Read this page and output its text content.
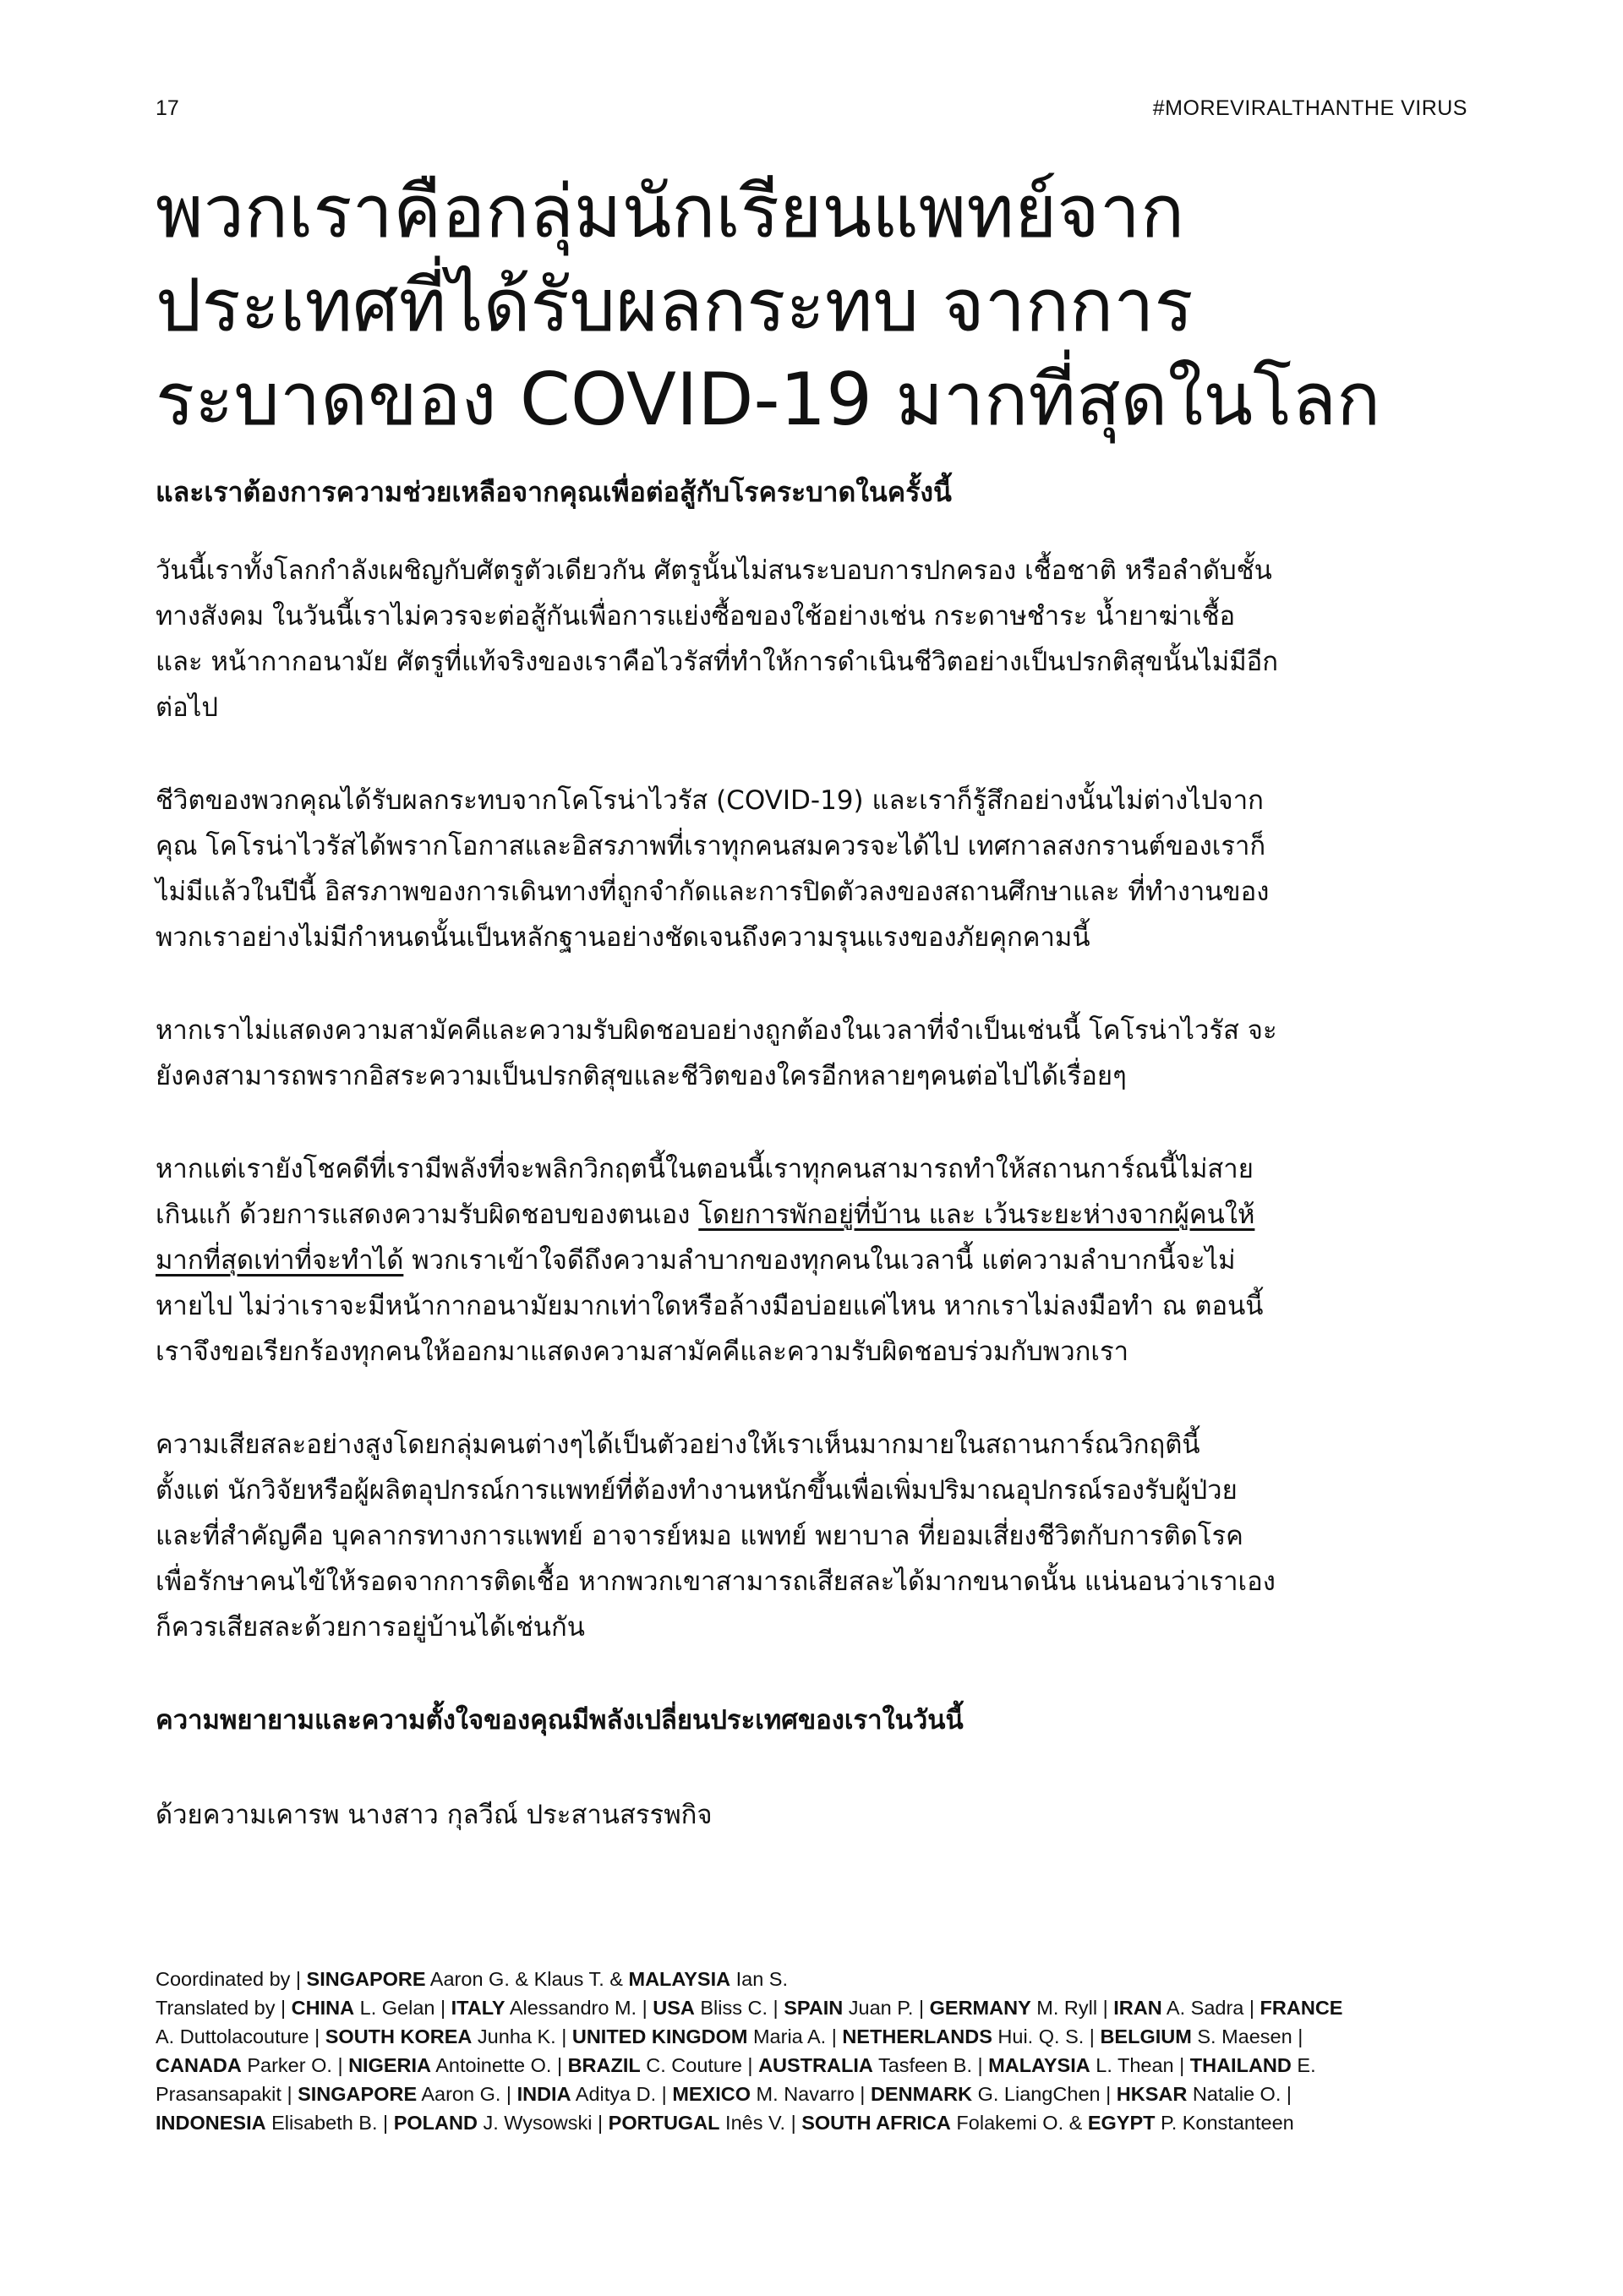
17	#MOREVIRALTHANTHE VIRUS
พวกเราคือกลุ่มนักเรียนแพทย์จาก
ประเทศที่ได้รับผลกระทบ จากการ
ระบาดของ COVID-19 มากที่สุดในโลก

และเราต้องการความช่วยเหลือจากคุณเพื่อต่อสู้กับโรคระบาดในครั้งนี้

วันนี้เราทั้งโลกกำลังเผชิญกับศัตรูตัวเดียวกัน ศัตรูนั้นไม่สนระบอบการปกครอง เชื้อชาติ หรือลำดับชั้น
ทางสังคม ในวันนี้เราไม่ควรจะต่อสู้กันเพื่อการแย่งซื้อของใช้อย่างเช่น กระดาษชำระ น้ำยาฆ่าเชื้อ
และ หน้ากากอนามัย ศัตรูที่แท้จริงของเราคือไวรัสที่ทำให้การดำเนินชีวิตอย่างเป็นปรกติสุขนั้นไม่มีอีก
ต่อไป

ชีวิตของพวกคุณได้รับผลกระทบจากโคโรน่าไวรัส (COVID-19) และเราก็รู้สึกอย่างนั้นไม่ต่างไปจาก
คุณ โคโรน่าไวรัสได้พรากโอกาสและอิสรภาพที่เราทุกคนสมควรจะได้ไป เทศกาลสงกรานต์ของเราก็
ไม่มีแล้วในปีนี้ อิสรภาพของการเดินทางที่ถูกจำกัดและการปิดตัวลงของสถานศึกษาและ ที่ทำงานของ
พวกเราอย่างไม่มีกำหนดนั้นเป็นหลักฐานอย่างชัดเจนถึงความรุนแรงของภัยคุกคามนี้

หากเราไม่แสดงความสามัคคีและความรับผิดชอบอย่างถูกต้องในเวลาที่จำเป็นเช่นนี้ โคโรน่าไวรัส จะ
ยังคงสามารถพรากอิสระความเป็นปรกติสุขและชีวิตของใครอีกหลายๆคนต่อไปได้เรื่อยๆ

หากแต่เรายังโชคดีที่เรามีพลังที่จะพลิกวิกฤตนี้ในตอนนี้เราทุกคนสามารถทำให้สถานการ์ณนี้ไม่สาย
เกินแก้ ด้วยการแสดงความรับผิดชอบของตนเอง โดยการพักอยู่ที่บ้าน และ เว้นระยะห่างจากผู้คนให้
มากที่สุดเท่าที่จะทำได้ พวกเราเข้าใจดีถึงความลำบากของทุกคนในเวลานี้ แต่ความลำบากนี้จะไม่
หายไป ไม่ว่าเราจะมีหน้ากากอนามัยมากเท่าใดหรือล้างมือบ่อยแค่ไหน หากเราไม่ลงมือทำ ณ ตอนนี้
เราจึงขอเรียกร้องทุกคนให้ออกมาแสดงความสามัคคีและความรับผิดชอบร่วมกับพวกเรา

ความเสียสละอย่างสูงโดยกลุ่มคนต่างๆได้เป็นตัวอย่างให้เราเห็นมากมายในสถานการ์ณวิกฤตินี้
ตั้งแต่ นักวิจัยหรือผู้ผลิตอุปกรณ์การแพทย์ที่ต้องทำงานหนักขึ้นเพื่อเพิ่มปริมาณอุปกรณ์รองรับผู้ป่วย
และที่สำคัญคือ บุคลากรทางการแพทย์ อาจารย์หมอ แพทย์ พยาบาล ที่ยอมเสี่ยงชีวิตกับการติดโรค
เพื่อรักษาคนไข้ให้รอดจากการติดเชื้อ หากพวกเขาสามารถเสียสละได้มากขนาดนั้น แน่นอนว่าเราเอง
ก็ควรเสียสละด้วยการอยู่บ้านได้เช่นกัน

ความพยายามและความตั้งใจของคุณมีพลังเปลี่ยนประเทศของเราในวันนี้

ด้วยความเคารพ นางสาว กุลวีณ์ ประสานสรรพกิจ

Coordinated by | SINGAPORE Aaron G. & Klaus T. & MALAYSIA Ian S.
Translated by | CHINA L. Gelan | ITALY Alessandro M. | USA Bliss C. | SPAIN Juan P. | GERMANY M. Ryll | IRAN A. Sadra | FRANCE
A. Duttolacouture | SOUTH KOREA Junha K. | UNITED KINGDOM Maria A. | NETHERLANDS Hui. Q. S. | BELGIUM S. Maesen |
CANADA Parker O. | NIGERIA Antoinette O. | BRAZIL C. Couture | AUSTRALIA Tasfeen B. | MALAYSIA L. Thean | THAILAND E.
Prasansapakit | SINGAPORE Aaron G. | INDIA Aditya D. | MEXICO M. Navarro | DENMARK G. LiangChen | HKSAR Natalie O. |
INDONESIA Elisabeth B. | POLAND J. Wysowski | PORTUGAL Inês V. | SOUTH AFRICA Folakemi O. & EGYPT P. Konstanteen
